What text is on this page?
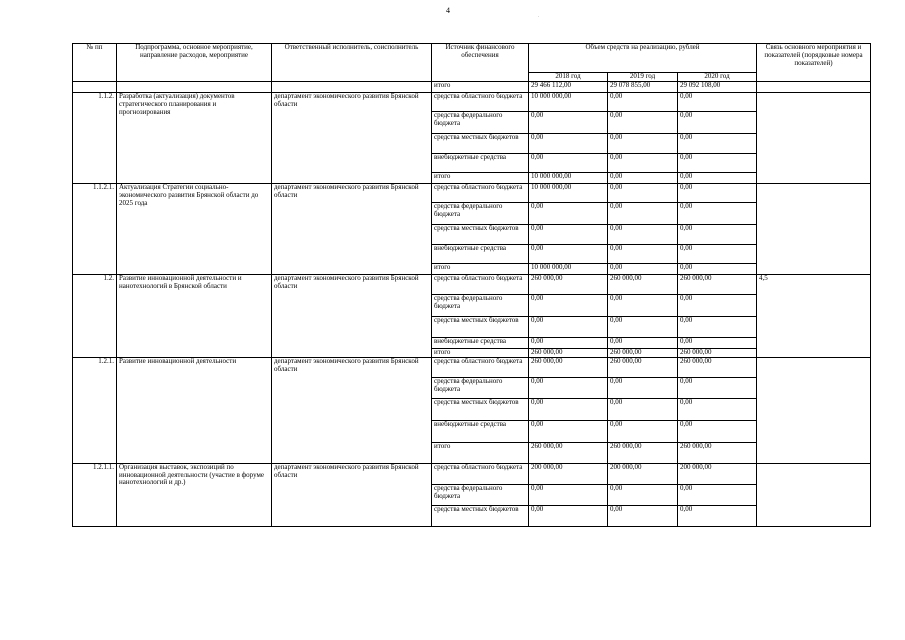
4
.
№ пп	Подпрограмма, основное мероприятие, направление расходов, мероприятие	Ответственный исполнитель, соисполнитель	Источник финансового обеспечения	Объем средств на реализацию, рублей			Связь основного мероприятия и показателей (порядковые номера показателей)
				2018 год	2019 год	2020 год	
			итого	29 466 112,00	29 078 855,00	29 092 108,00	
1.1.2.	Разработка (актуализация) документов стратегического планирования и прогнозирования	департамент экономического развития Брянской области	средства областного бюджета	10 000 000,00	0,00	0,00	
			средства федерального бюджета	0,00	0,00	0,00	
			средства местных бюджетов	0,00	0,00	0,00	
			внебюджетные средства	0,00	0,00	0,00	
			итого	10 000 000,00	0,00	0,00	
1.1.2.1.	Актуализация Стратегии социально-экономического развития Брянской области до 2025 года	департамент экономического развития Брянской области	средства областного бюджета	10 000 000,00	0,00	0,00	
			средства федерального бюджета	0,00	0,00	0,00	
			средства местных бюджетов	0,00	0,00	0,00	
			внебюджетные средства	0,00	0,00	0,00	
			итого	10 000 000,00	0,00	0,00	
1.2.	Развитие инновационной деятельности и нанотехнологий в Брянской области	департамент экономического развития Брянской области	средства областного бюджета	260 000,00	260 000,00	260 000,00	4,5
			средства федерального бюджета	0,00	0,00	0,00	
			средства местных бюджетов	0,00	0,00	0,00	
			внебюджетные средства	0,00	0,00	0,00	
			итого	260 000,00	260 000,00	260 000,00	
1.2.1.	Развитие инновационной деятельности	департамент экономического развития Брянской области	средства областного бюджета	260 000,00	260 000,00	260 000,00	
			средства федерального бюджета	0,00	0,00	0,00	
			средства местных бюджетов	0,00	0,00	0,00	
			внебюджетные средства	0,00	0,00	0,00	
			итого	260 000,00	260 000,00	260 000,00	
1.2.1.1.	Организация выставок, экспозиций по инновационной деятельности (участие в форуме нанотехнологий и др.)	департамент экономического развития Брянской области	средства областного бюджета	200 000,00	200 000,00	200 000,00	
			средства федерального бюджета	0,00	0,00	0,00	
			средства местных бюджетов	0,00	0,00	0,00	
